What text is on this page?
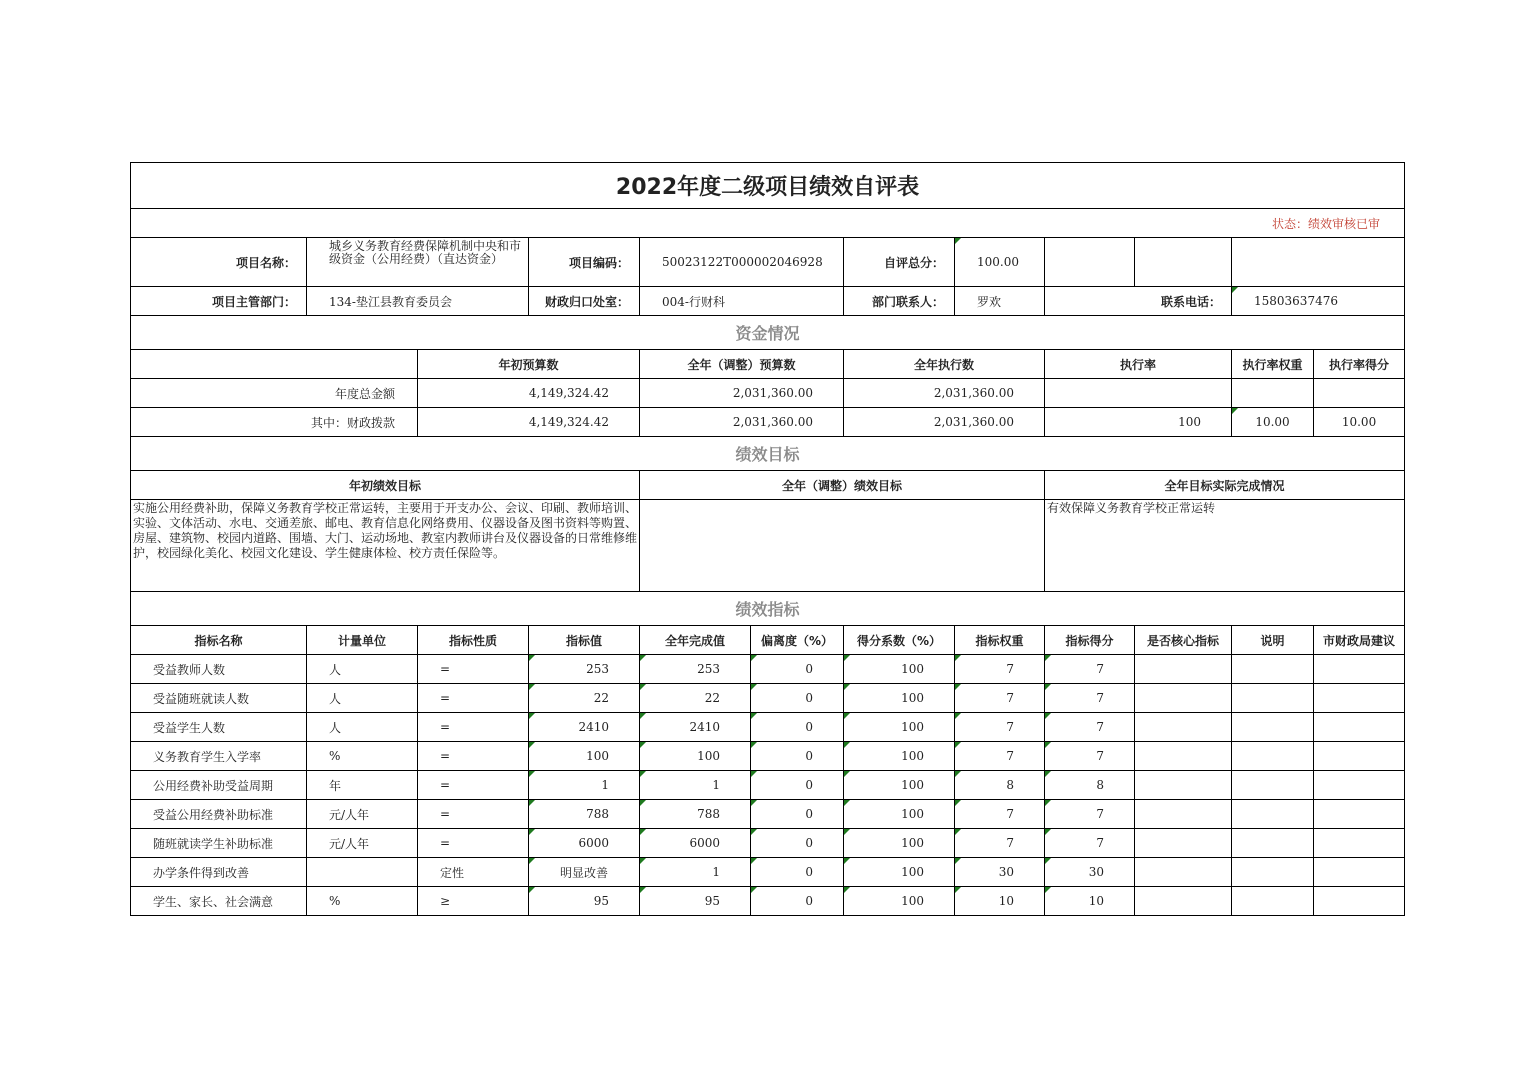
2022年度二级项目绩效自评表											
状态：绩效审核已审											
项目名称：	城乡义务教育经费保障机制中央和市级资金（公用经费）（直达资金）		项目编码：	50023122T000002046928		自评总分：	100.00				
项目主管部门：	134-垫江县教育委员会		财政归口处室：	004-行财科		部门联系人：	罗欢	联系电话：		15803637476	
资金情况											
		年初预算数		全年（调整）预算数		全年执行数		执行率		执行率权重	执行率得分
年度总金额		4,149,324.42		2,031,360.00		2,031,360.00					
其中：财政拨款		4,149,324.42		2,031,360.00		2,031,360.00		100		10.00	10.00
绩效目标											
年初绩效目标				全年（调整）绩效目标				全年目标实际完成情况			
实施公用经费补助，保障义务教育学校正常运转，主要用于开支办公、会议、印刷、教师培训、实验、文体活动、水电、交通差旅、邮电、教育信息化网络费用、仪器设备及图书资料等购置、房屋、建筑物、校园内道路、围墙、大门、运动场地、教室内教师讲台及仪器设备的日常维修维护，校园绿化美化、校园文化建设、学生健康体检、校方责任保险等。								有效保障义务教育学校正常运转			
绩效指标											
指标名称	计量单位	指标性质	指标值	全年完成值	偏离度（%）	得分系数（%）	指标权重	指标得分	是否核心指标	说明	市财政局建议
受益教师人数	人	=	253	253	0	100	7	7			
受益随班就读人数	人	=	22	22	0	100	7	7			
受益学生人数	人	=	2410	2410	0	100	7	7			
义务教育学生入学率	%	=	100	100	0	100	7	7			
公用经费补助受益周期	年	=	1	1	0	100	8	8			
受益公用经费补助标准	元/人年	=	788	788	0	100	7	7			
随班就读学生补助标准	元/人年	=	6000	6000	0	100	7	7			
办学条件得到改善		定性	明显改善	1	0	100	30	30			
学生、家长、社会满意	%	≥	95	95	0	100	10	10			
